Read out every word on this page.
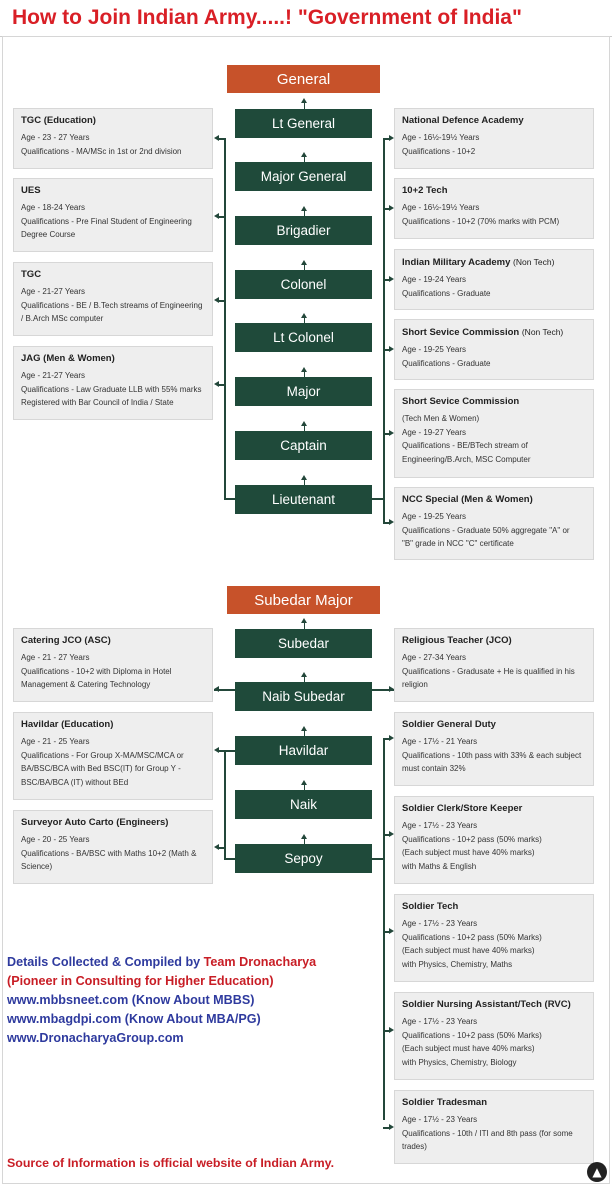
How to Join Indian Army.....! "Government of India"
General
Lt General
Major General
Brigadier
Colonel
Lt Colonel
Major
Captain
Lieutenant
TGC (Education)
Age - 23 - 27 Years
Qualifications - MA/MSc in 1st or 2nd division
UES
Age - 18-24 Years
Qualifications - Pre Final Student of Engineering
Degree Course
TGC
Age - 21-27 Years
Qualifications - BE / B.Tech streams of Engineering
/ B.Arch MSc computer
JAG (Men & Women)
Age - 21-27 Years
Qualifications - Law Graduate LLB with 55% marks
Registered with Bar Council of India / State
National Defence Academy
Age - 16½-19½ Years
Qualifications - 10+2
10+2 Tech
Age - 16½-19½ Years
Qualifications - 10+2 (70% marks with PCM)
Indian Military Academy (Non Tech)
Age - 19-24 Years
Qualifications - Graduate
Short Sevice Commission (Non Tech)
Age - 19-25 Years
Qualifications - Graduate
Short Sevice Commission
(Tech Men & Women)
Age - 19-27 Years
Qualifications - BE/BTech stream of
Engineering/B.Arch, MSC Computer
NCC Special (Men & Women)
Age - 19-25 Years
Qualifications - Graduate 50% aggregate "A" or
"B" grade in NCC "C" certificate
Subedar Major
Subedar
Naib Subedar
Havildar
Naik
Sepoy
Catering JCO (ASC)
Age - 21 - 27 Years
Qualifications - 10+2 with Diploma in Hotel
Management & Catering Technology
Havildar (Education)
Age - 21 - 25 Years
Qualifications - For Group X-MA/MSC/MCA or
BA/BSC/BCA with Bed BSC(IT) for Group Y -
BSC/BA/BCA (IT) without BEd
Surveyor Auto Carto (Engineers)
Age - 20 - 25 Years
Qualifications - BA/BSC with Maths 10+2 (Math &
Science)
Religious Teacher (JCO)
Age - 27-34 Years
Qualifications - Gradusate + He is qualified in his
religion
Soldier General Duty
Age - 17½ - 21 Years
Qualifications - 10th pass with 33% & each subject
must contain 32%
Soldier Clerk/Store Keeper
Age - 17½ - 23 Years
Qualifications - 10+2 pass (50% marks)
(Each subject must have 40% marks)
with Maths & English
Soldier Tech
Age - 17½ - 23 Years
Qualifications - 10+2 pass (50% Marks)
(Each subject must have 40% marks)
with Physics, Chemistry, Maths
Soldier Nursing Assistant/Tech (RVC)
Age - 17½ - 23 Years
Qualifications - 10+2 pass (50% Marks)
(Each subject must have 40% marks)
with Physics, Chemistry, Biology
Soldier Tradesman
Age - 17½ - 23 Years
Qualifications - 10th / ITI and 8th pass (for some
trades)
Details Collected & Compiled by Team Dronacharya
(Pioneer in Consulting for Higher Education)
www.mbbsneet.com (Know About MBBS)
www.mbagdpi.com (Know About MBA/PG)
www.DronacharyaGroup.com
Source of Information is official website of Indian Army.
▲
